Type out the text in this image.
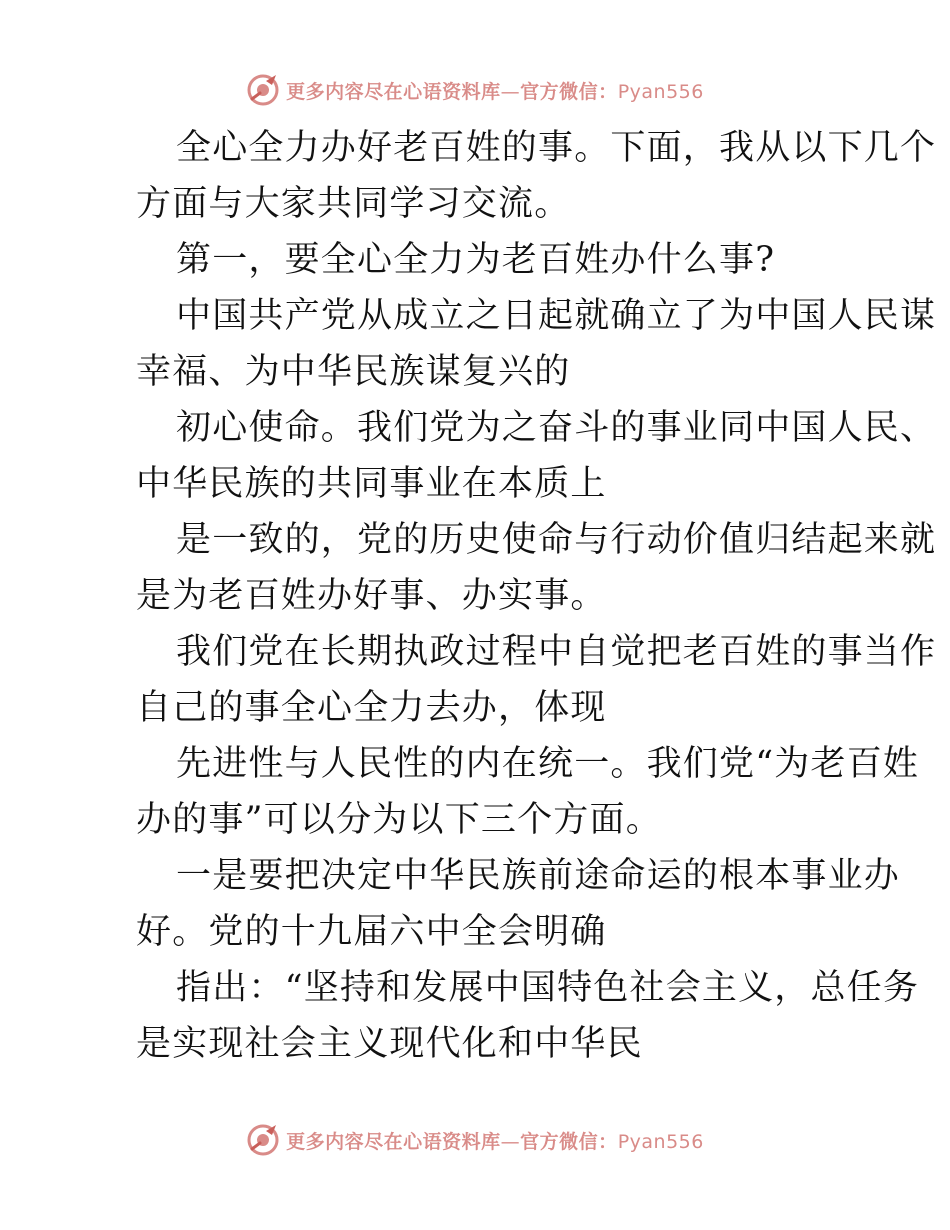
更多内容尽在心语资料库—官方微信：Pyan556

全心全力办好老百姓的事。下面，我从以下几个
方面与大家共同学习交流。

第一，要全心全力为老百姓办什么事?

中国共产党从成立之日起就确立了为中国人民谋
幸福、为中华民族谋复兴的

初心使命。我们党为之奋斗的事业同中国人民、
中华民族的共同事业在本质上

是一致的，党的历史使命与行动价值归结起来就
是为老百姓办好事、办实事。

我们党在长期执政过程中自觉把老百姓的事当作
自己的事全心全力去办，体现

先进性与人民性的内在统一。我们党“为老百姓
办的事”可以分为以下三个方面。

一是要把决定中华民族前途命运的根本事业办
好。党的十九届六中全会明确

指出：“坚持和发展中国特色社会主义，总任务
是实现社会主义现代化和中华民

更多内容尽在心语资料库—官方微信：Pyan556
